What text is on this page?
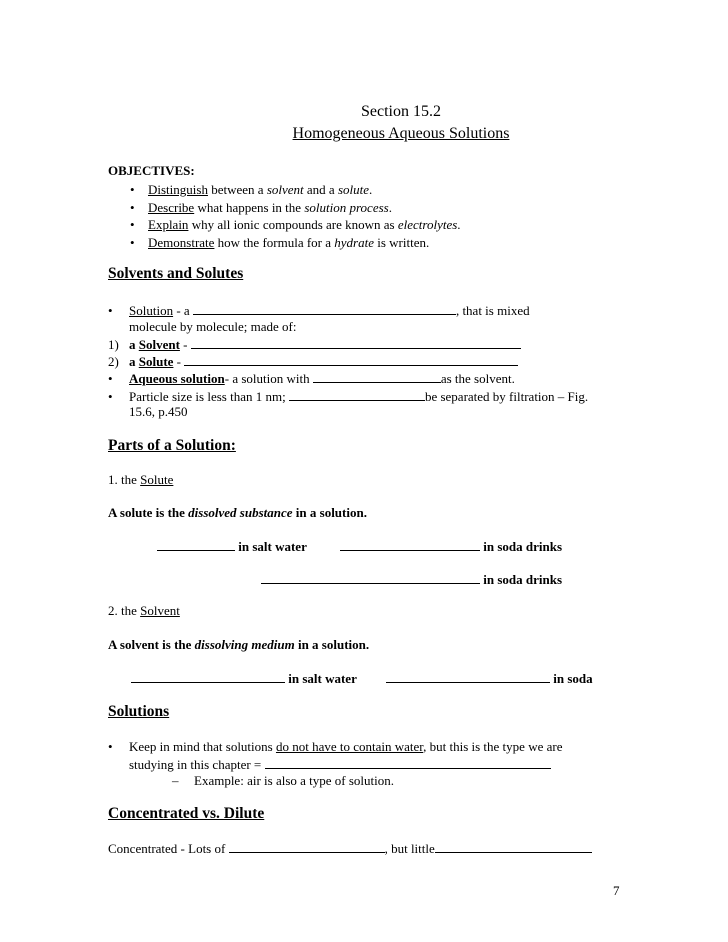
Section 15.2
Homogeneous Aqueous Solutions
OBJECTIVES:
• Distinguish between a solvent and a solute.
• Describe what happens in the solution process.
• Explain why all ionic compounds are known as electrolytes.
• Demonstrate how the formula for a hydrate is written.
Solvents and Solutes
• Solution - a	, that is mixed
molecule by molecule; made of:
1) a Solvent -
2) a Solute -
• Aqueous solution- a solution with	as the solvent.
• Particle size is less than 1 nm;	be separated by filtration – Fig.
15.6, p.450
Parts of a Solution:
1. the Solute
A solute is the dissolved substance in a solution.
in salt water	in soda drinks
in soda drinks
2. the Solvent
A solvent is the dissolving medium in a solution.
in salt water	in soda
Solutions
• Keep in mind that solutions do not have to contain water, but this is the type we are
studying in this chapter =
– Example: air is also a type of solution.
Concentrated vs. Dilute
Concentrated - Lots of	, but little
7
